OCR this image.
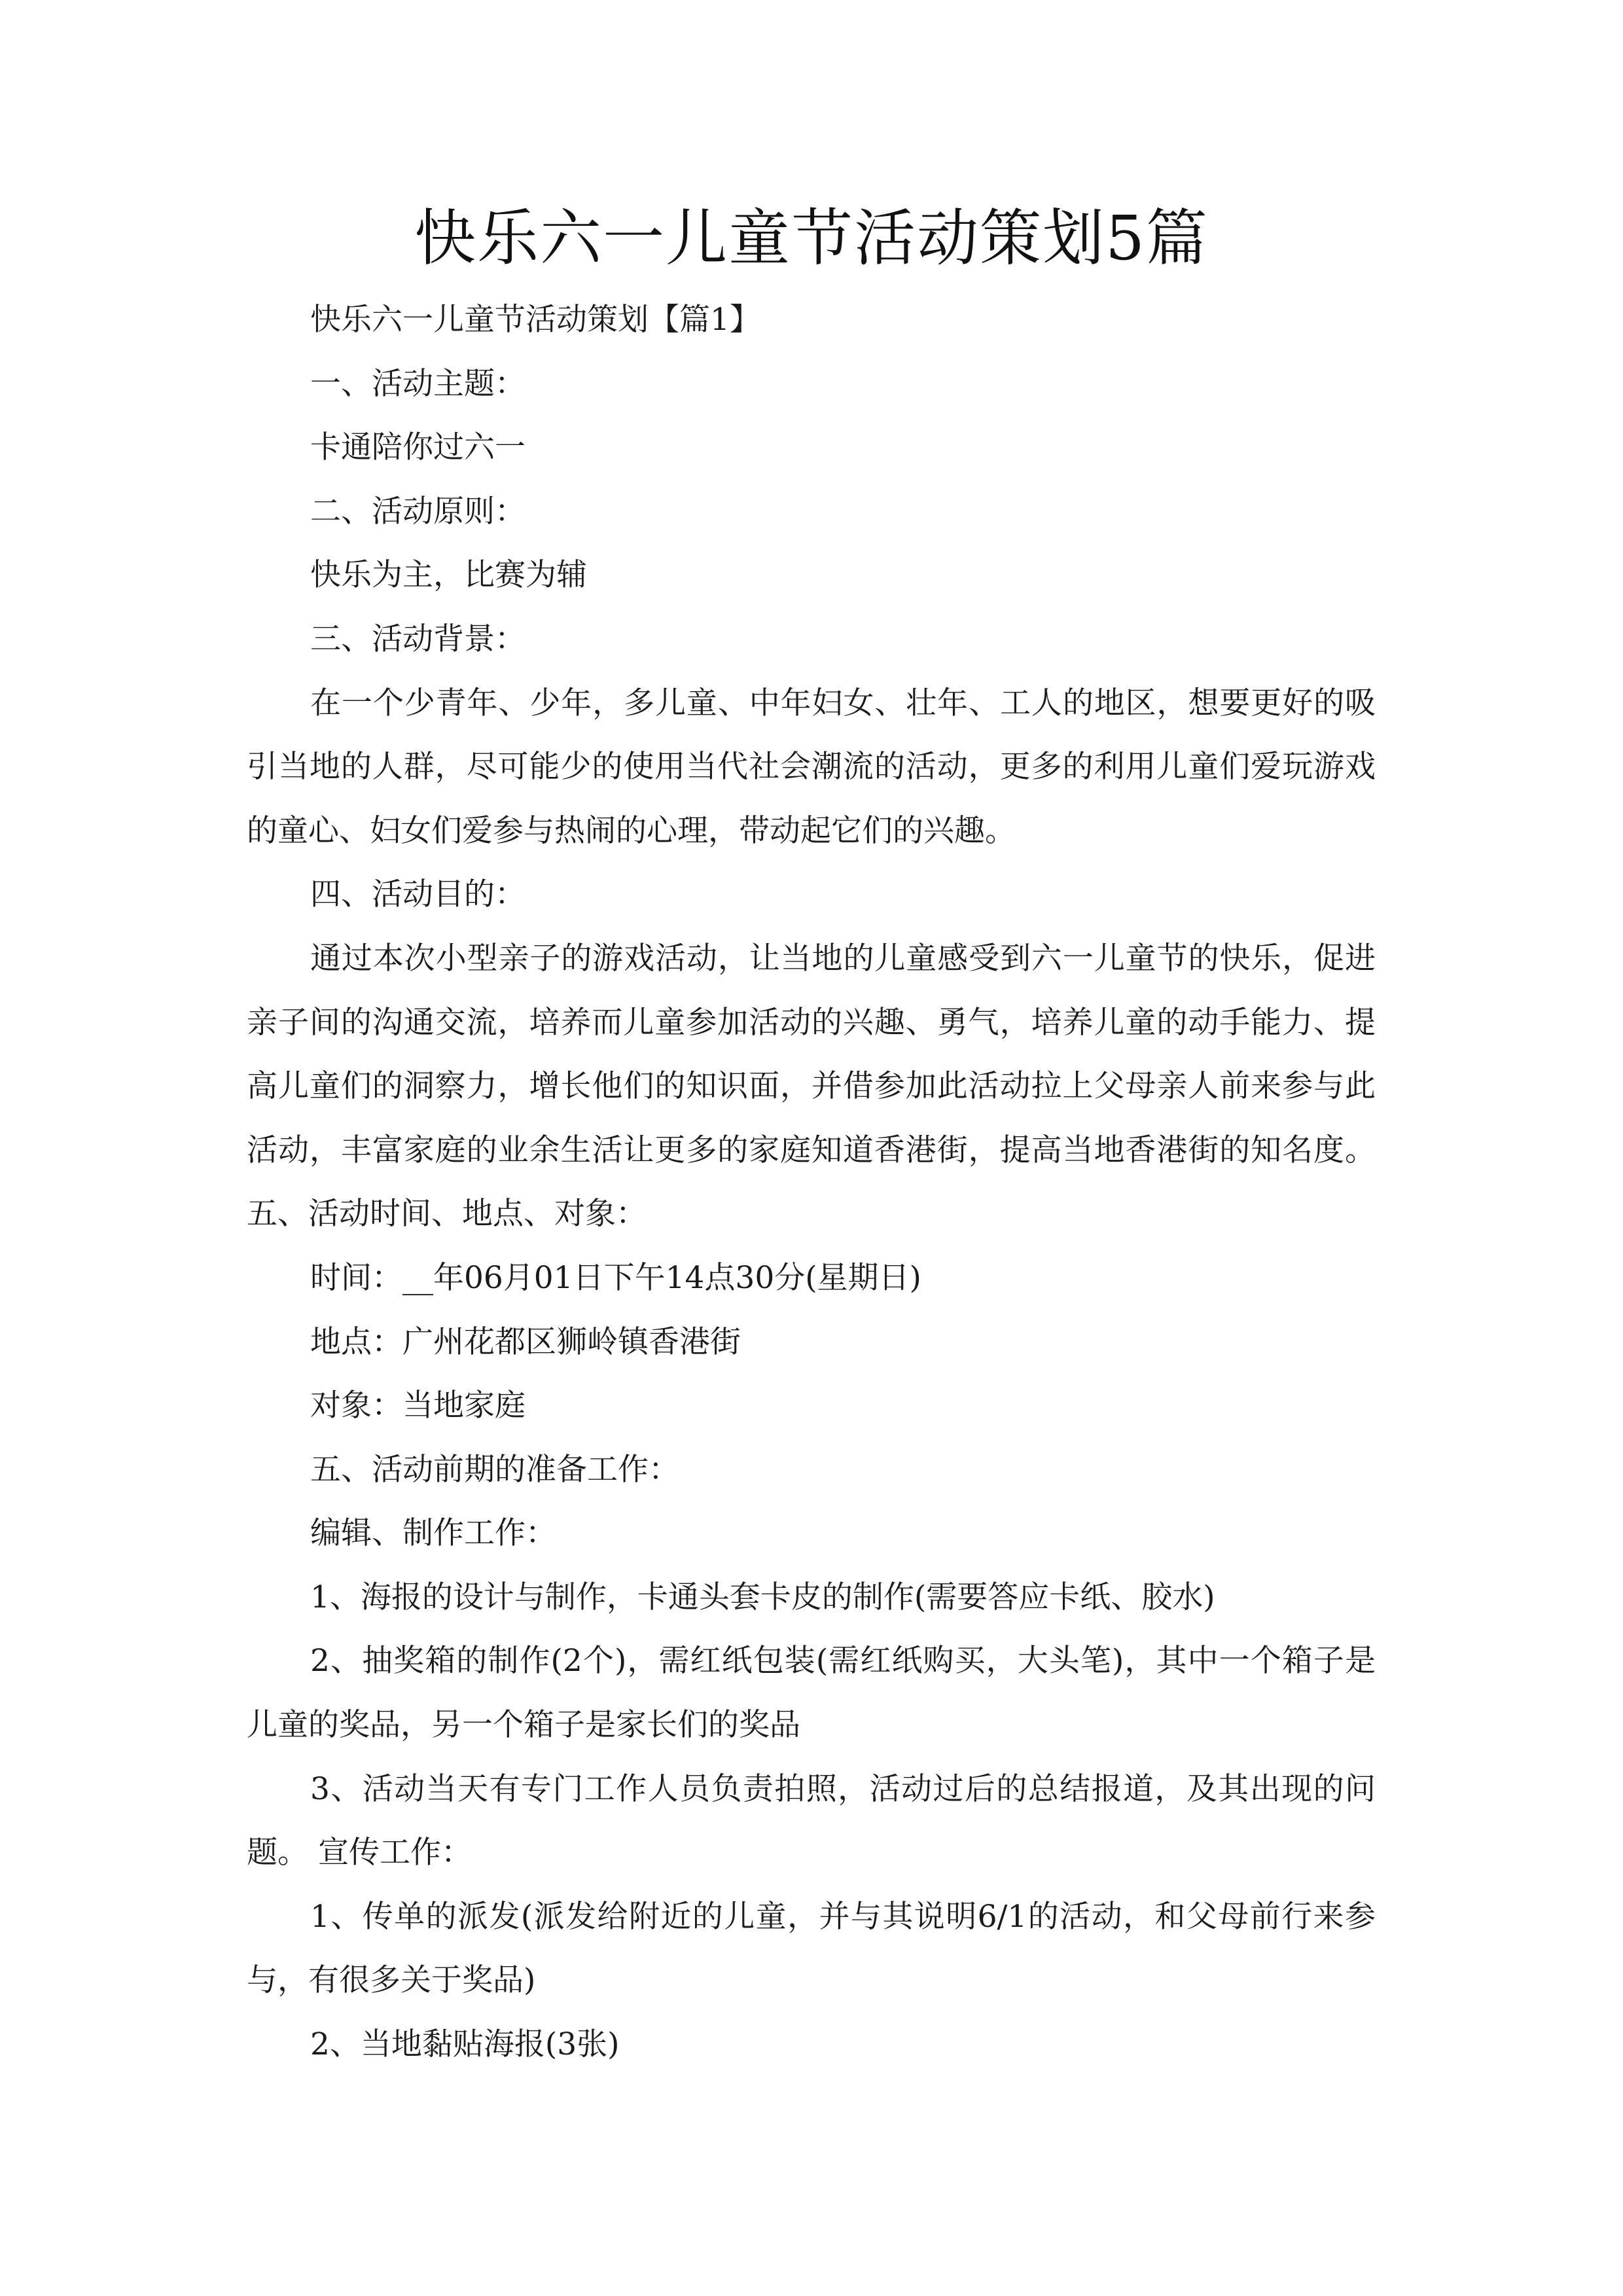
快乐六一儿童节活动策划5篇

快乐六一儿童节活动策划【篇1】

一、活动主题：

卡通陪你过六一

二、活动原则：

快乐为主，比赛为辅

三、活动背景：

在一个少青年、少年，多儿童、中年妇女、壮年、工人的地区，想要更好的吸引当地的人群，尽可能少的使用当代社会潮流的活动，更多的利用儿童们爱玩游戏的童心、妇女们爱参与热闹的心理，带动起它们的兴趣。

四、活动目的：

通过本次小型亲子的游戏活动，让当地的儿童感受到六一儿童节的快乐，促进亲子间的沟通交流，培养而儿童参加活动的兴趣、勇气，培养儿童的动手能力、提高儿童们的洞察力，增长他们的知识面，并借参加此活动拉上父母亲人前来参与此活动，丰富家庭的业余生活让更多的家庭知道香港街，提高当地香港街的知名度。 五、活动时间、地点、对象：

时间：__年06月01日下午14点30分(星期日)

地点：广州花都区狮岭镇香港街

对象：当地家庭

五、活动前期的准备工作：

编辑、制作工作：

1、海报的设计与制作，卡通头套卡皮的制作(需要答应卡纸、胶水)

2、抽奖箱的制作(2个)，需红纸包装(需红纸购买，大头笔)，其中一个箱子是儿童的奖品，另一个箱子是家长们的奖品

3、活动当天有专门工作人员负责拍照，活动过后的总结报道，及其出现的问题。 宣传工作：

1、传单的派发(派发给附近的儿童，并与其说明6/1的活动，和父母前行来参与，有很多关于奖品)

2、当地黏贴海报(3张)
